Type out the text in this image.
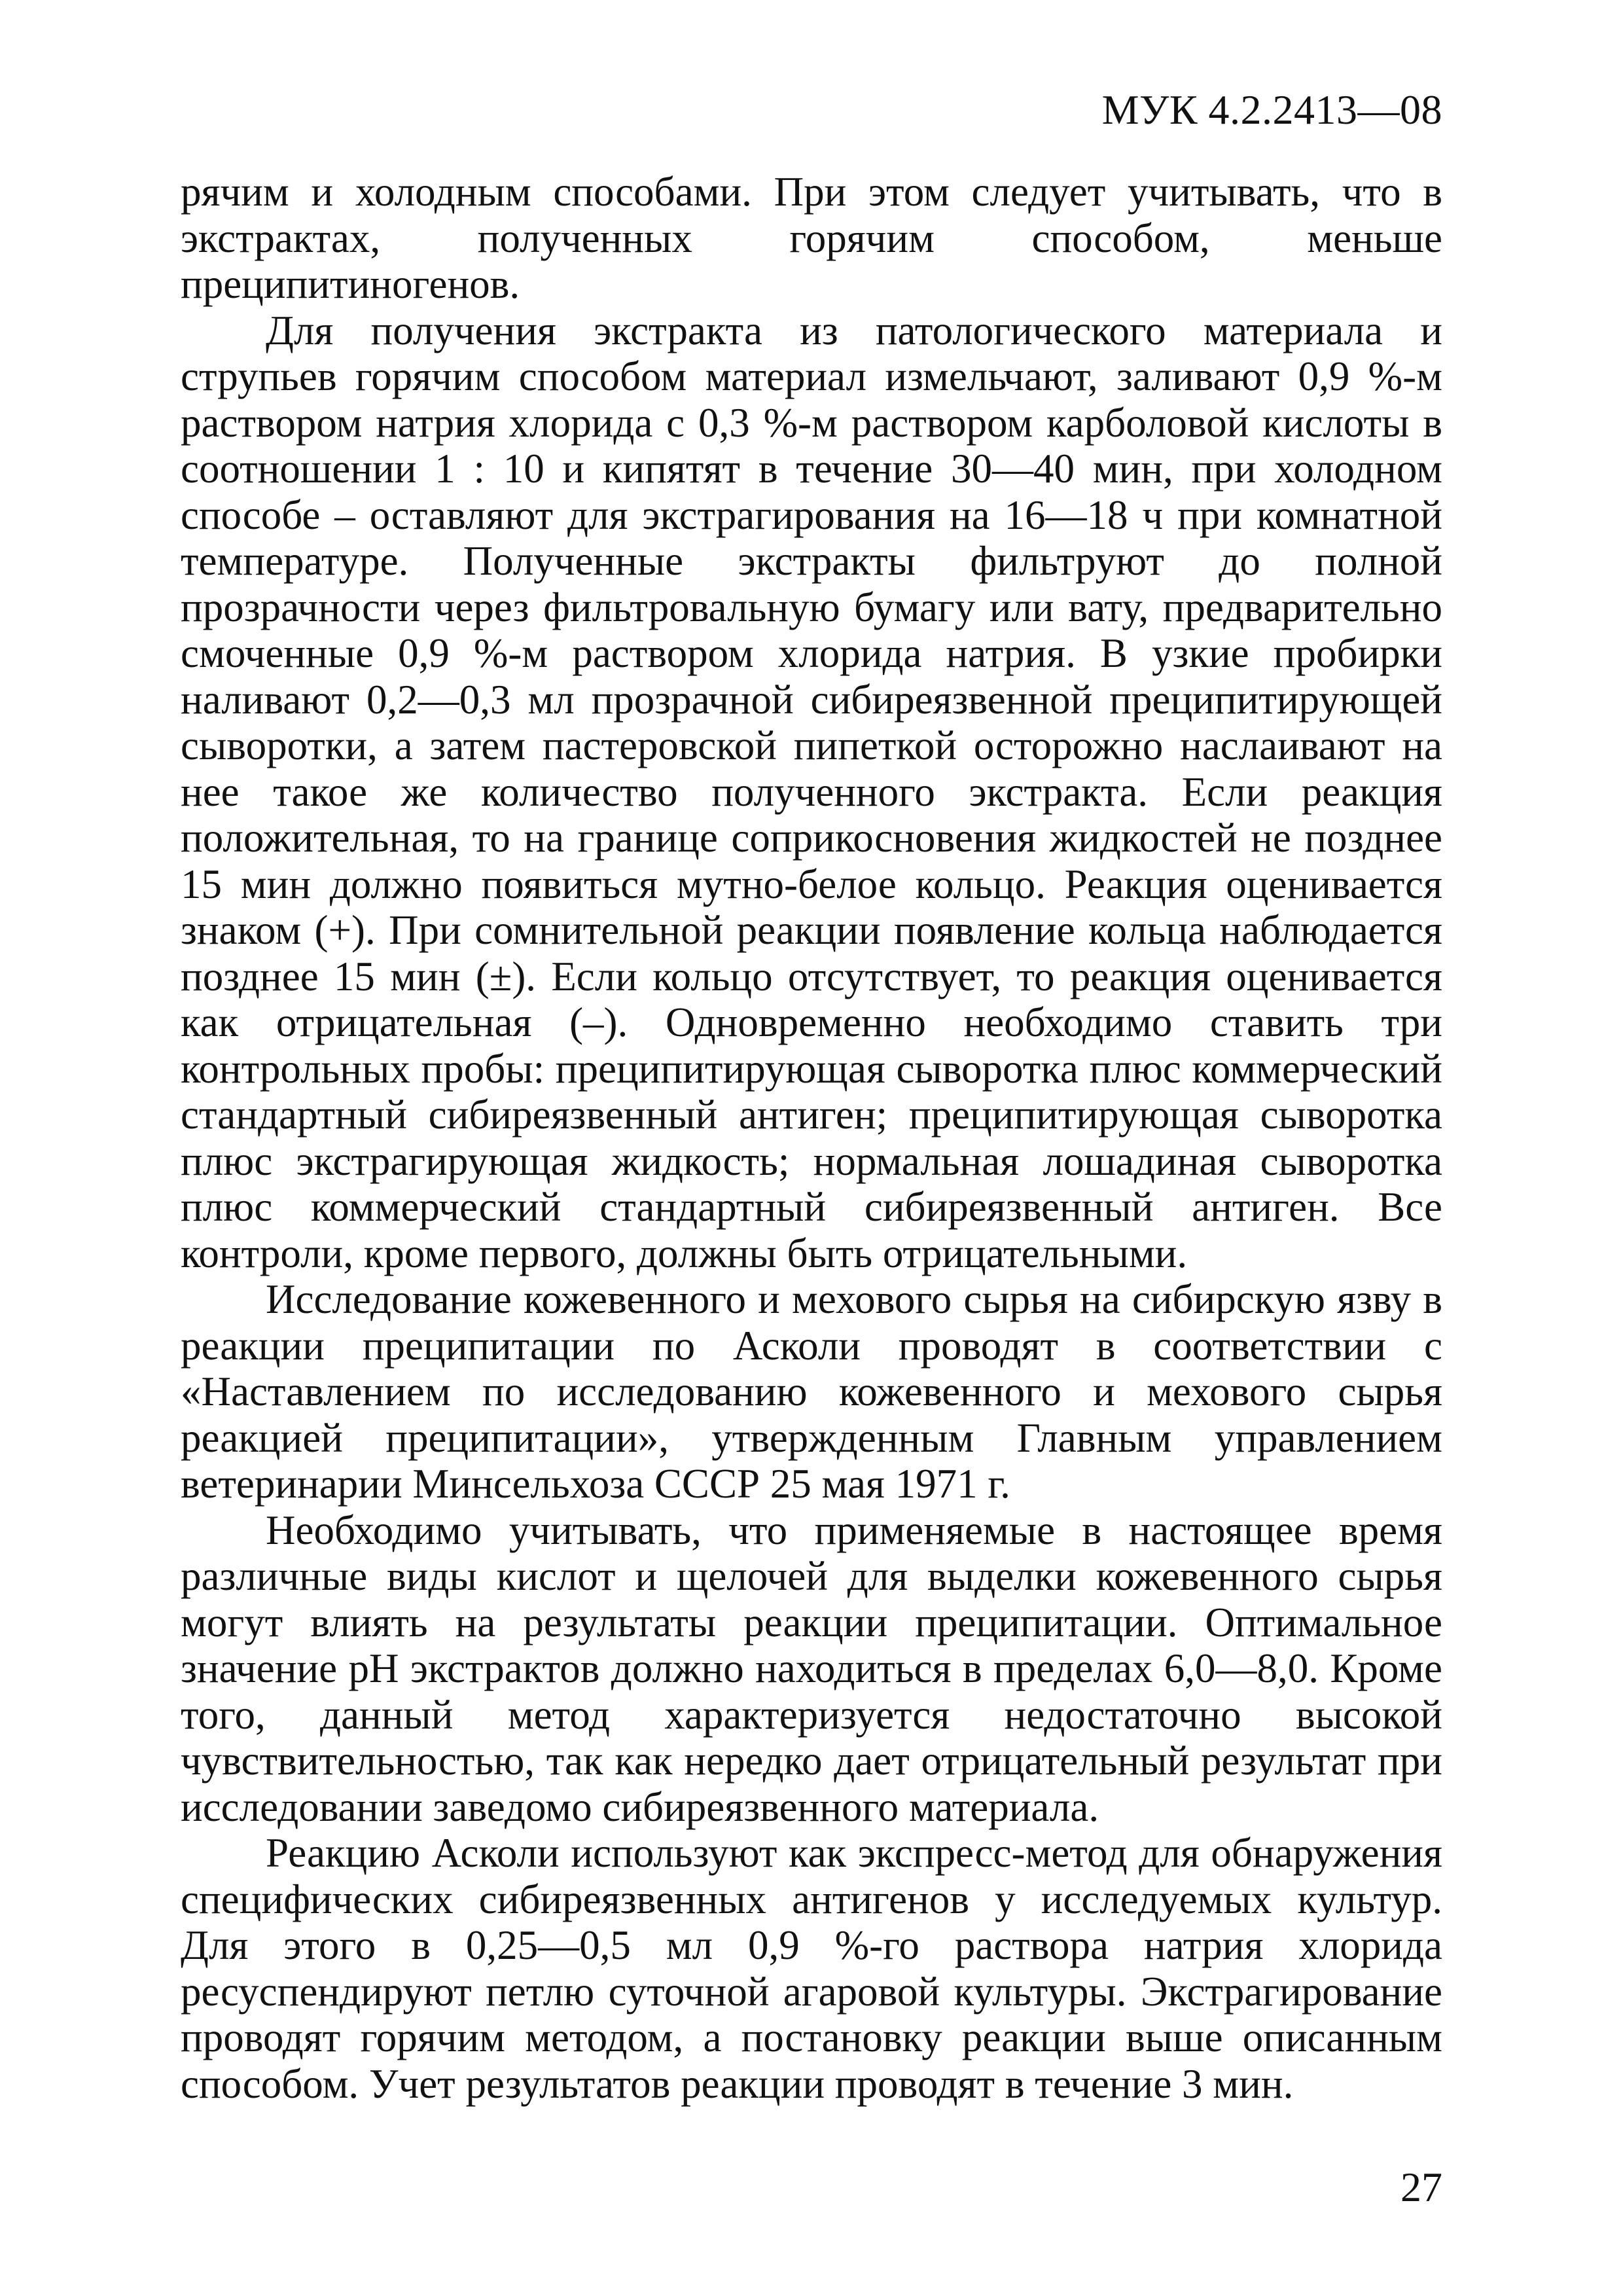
МУК 4.2.2413—08

рячим и холодным способами. При этом следует учитывать, что в экстрактах, полученных горячим способом, меньше преципитиногенов.

Для получения экстракта из патологического материала и струпьев горячим способом материал измельчают, заливают 0,9 %-м раствором натрия хлорида с 0,3 %-м раствором карболовой кислоты в соотношении 1 : 10 и кипятят в течение 30—40 мин, при холодном способе – оставляют для экстрагирования на 16—18 ч при комнатной температуре. Полученные экстракты фильтруют до полной прозрачности через фильтровальную бумагу или вату, предварительно смоченные 0,9 %-м раствором хлорида натрия. В узкие пробирки наливают 0,2—0,3 мл прозрачной сибиреязвенной преципитирующей сыворотки, а затем пастеровской пипеткой осторожно наслаивают на нее такое же количество полученного экстракта. Если реакция положительная, то на границе соприкосновения жидкостей не позднее 15 мин должно появиться мутно-белое кольцо. Реакция оценивается знаком (+). При сомнительной реакции появление кольца наблюдается позднее 15 мин (±). Если кольцо отсутствует, то реакция оценивается как отрицательная (–). Одновременно необходимо ставить три контрольных пробы: преципитирующая сыворотка плюс коммерческий стандартный сибиреязвенный антиген; преципитирующая сыворотка плюс экстрагирующая жидкость; нормальная лошадиная сыворотка плюс коммерческий стандартный сибиреязвенный антиген. Все контроли, кроме первого, должны быть отрицательными.

Исследование кожевенного и мехового сырья на сибирскую язву в реакции преципитации по Асколи проводят в соответствии с «Наставлением по исследованию кожевенного и мехового сырья реакцией преципитации», утвержденным Главным управлением ветеринарии Минсельхоза СССР 25 мая 1971 г.

Необходимо учитывать, что применяемые в настоящее время различные виды кислот и щелочей для выделки кожевенного сырья могут влиять на результаты реакции преципитации. Оптимальное значение pH экстрактов должно находиться в пределах 6,0—8,0. Кроме того, данный метод характеризуется недостаточно высокой чувствительностью, так как нередко дает отрицательный результат при исследовании заведомо сибиреязвенного материала.

Реакцию Асколи используют как экспресс-метод для обнаружения специфических сибиреязвенных антигенов у исследуемых культур. Для этого в 0,25—0,5 мл 0,9 %-го раствора натрия хлорида ресуспендируют петлю суточной агаровой культуры. Экстрагирование проводят горячим методом, а постановку реакции выше описанным способом. Учет результатов реакции проводят в течение 3 мин.

27
